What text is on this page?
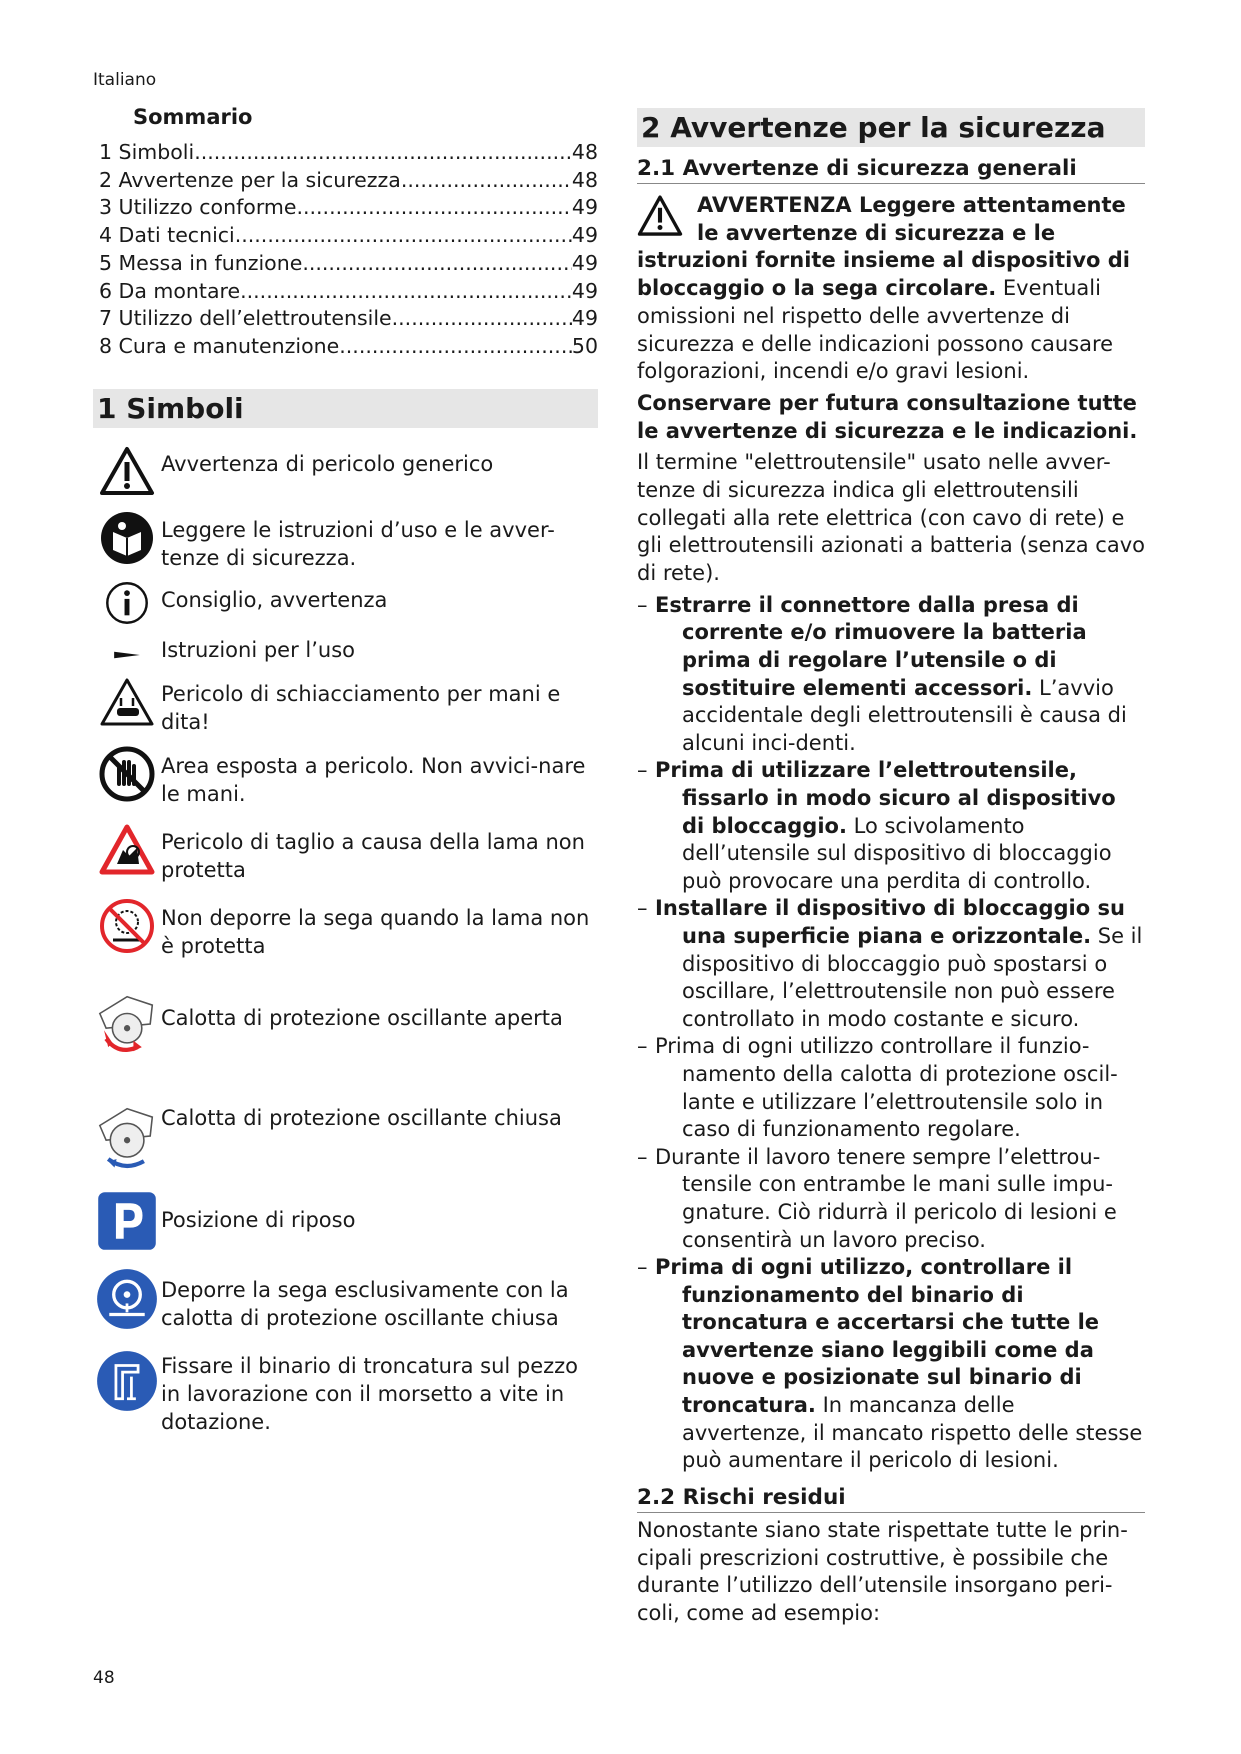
Italiano
Sommario
1 Simboli .....	48
2 Avvertenze per la sicurezza .....	48
3 Utilizzo conforme .....	49
4 Dati tecnici .....	49
5 Messa in funzione .....	49
6 Da montare .....	49
7 Utilizzo dell’elettroutensile .....	49
8 Cura e manutenzione .....	50
1 Simboli
Avvertenza di pericolo generico
Leggere le istruzioni d’uso e le avver-tenze di sicurezza.
Consiglio, avvertenza
Istruzioni per l’uso
Pericolo di schiacciamento per mani e dita!
Area esposta a pericolo. Non avvici-nare le mani.
Pericolo di taglio a causa della lama non protetta
Non deporre la sega quando la lama non è protetta
Calotta di protezione oscillante aperta
Calotta di protezione oscillante chiusa
Posizione di riposo
Deporre la sega esclusivamente con la calotta di protezione oscillante chiusa
Fissare il binario di troncatura sul pezzo in lavorazione con il morsetto a vite in dotazione.
2 Avvertenze per la sicurezza
2.1 Avvertenze di sicurezza generali

AVVERTENZA Leggere attentamente le avvertenze di sicurezza e le istruzioni fornite insieme al dispositivo di bloccaggio o la sega circolare. Eventuali omissioni nel rispetto delle avvertenze di sicurezza e delle indicazioni possono causare folgorazioni, incendi e/o gravi lesioni.

Conservare per futura consultazione tutte le avvertenze di sicurezza e le indicazioni.

Il termine "elettroutensile" usato nelle avver-tenze di sicurezza indica gli elettroutensili collegati alla rete elettrica (con cavo di rete) e gli elettroutensili azionati a batteria (senza cavo di rete).

– Estrarre il connettore dalla presa di corrente e/o rimuovere la batteria prima di regolare l’utensile o di sostituire elementi accessori. L’avvio accidentale degli elettroutensili è causa di alcuni inci-denti.
– Prima di utilizzare l’elettroutensile, fissarlo in modo sicuro al dispositivo di bloccaggio. Lo scivolamento dell’utensile sul dispositivo di bloccaggio può provocare una perdita di controllo.
– Installare il dispositivo di bloccaggio su una superficie piana e orizzontale. Se il dispositivo di bloccaggio può spostarsi o oscillare, l’elettroutensile non può essere controllato in modo costante e sicuro.
– Prima di ogni utilizzo controllare il funzio-namento della calotta di protezione oscil-lante e utilizzare l’elettroutensile solo in caso di funzionamento regolare.
– Durante il lavoro tenere sempre l’elettrou-tensile con entrambe le mani sulle impu-gnature. Ciò ridurrà il pericolo di lesioni e consentirà un lavoro preciso.
– Prima di ogni utilizzo, controllare il funzionamento del binario di troncatura e accertarsi che tutte le avvertenze siano leggibili come da nuove e posizionate sul binario di troncatura. In mancanza delle avvertenze, il mancato rispetto delle stesse può aumentare il pericolo di lesioni.
2.2 Rischi residui

Nonostante siano state rispettate tutte le prin-cipali prescrizioni costruttive, è possibile che durante l’utilizzo dell’utensile insorgano peri-coli, come ad esempio:

48
